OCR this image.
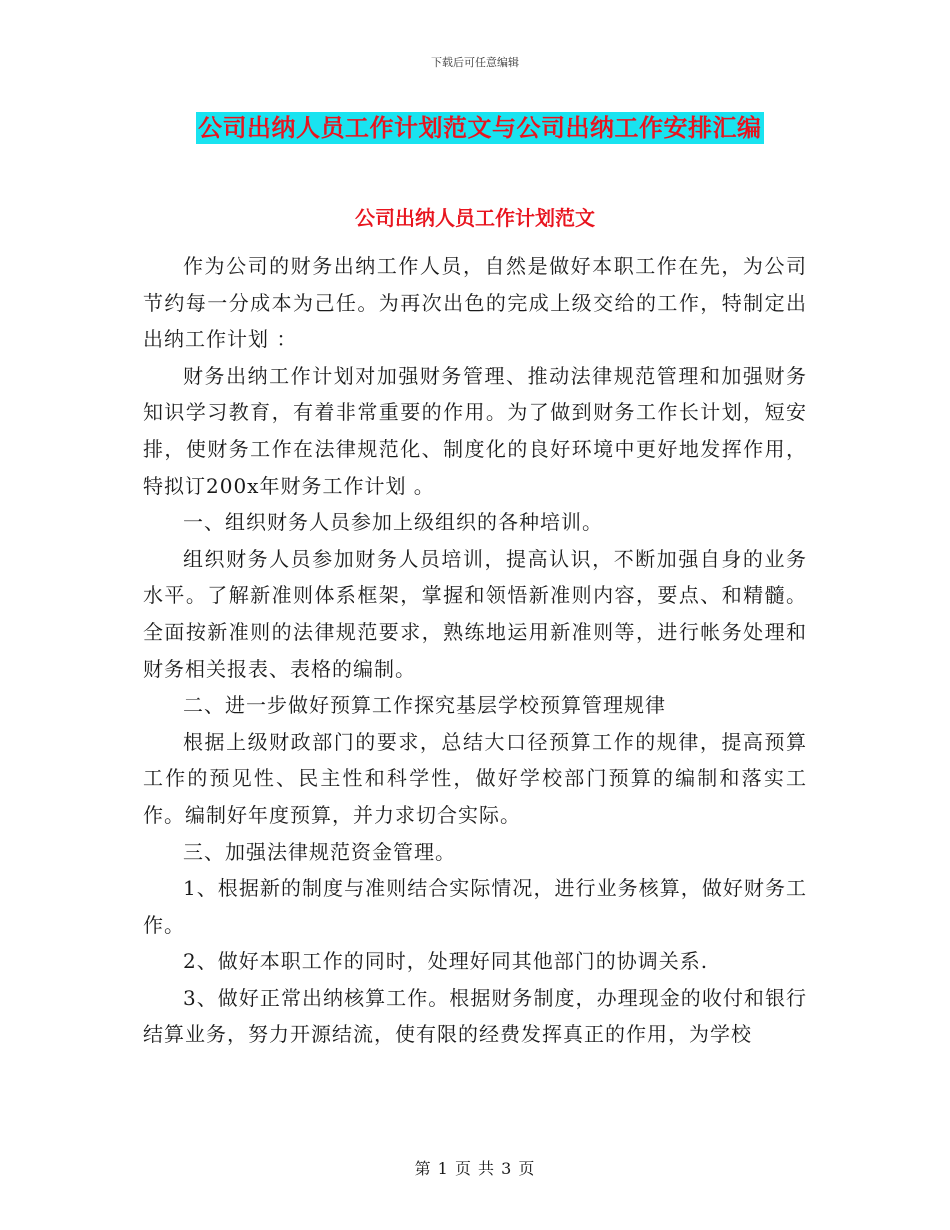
下载后可任意编辑
公司出纳人员工作计划范文与公司出纳工作安排汇编
公司出纳人员工作计划范文

作为公司的财务出纳工作人员，自然是做好本职工作在先，为公司节约每一分成本为己任。为再次出色的完成上级交给的工作，特制定出出纳工作计划 ：

财务出纳工作计划对加强财务管理、推动法律规范管理和加强财务知识学习教育，有着非常重要的作用。为了做到财务工作长计划，短安排，使财务工作在法律规范化、制度化的良好环境中更好地发挥作用，特拟订200x年财务工作计划 。

一、组织财务人员参加上级组织的各种培训。

组织财务人员参加财务人员培训，提高认识，不断加强自身的业务水平。了解新准则体系框架，掌握和领悟新准则内容，要点、和精髓。全面按新准则的法律规范要求，熟练地运用新准则等，进行帐务处理和财务相关报表、表格的编制。

二、进一步做好预算工作探究基层学校预算管理规律

根据上级财政部门的要求，总结大口径预算工作的规律，提高预算工作的预见性、民主性和科学性，做好学校部门预算的编制和落实工作。编制好年度预算，并力求切合实际。

三、加强法律规范资金管理。

1、根据新的制度与准则结合实际情况，进行业务核算，做好财务工作。

2、做好本职工作的同时，处理好同其他部门的协调关系.

3、做好正常出纳核算工作。根据财务制度，办理现金的收付和银行结算业务，努力开源结流，使有限的经费发挥真正的作用，为学校

第 1 页 共 3 页
